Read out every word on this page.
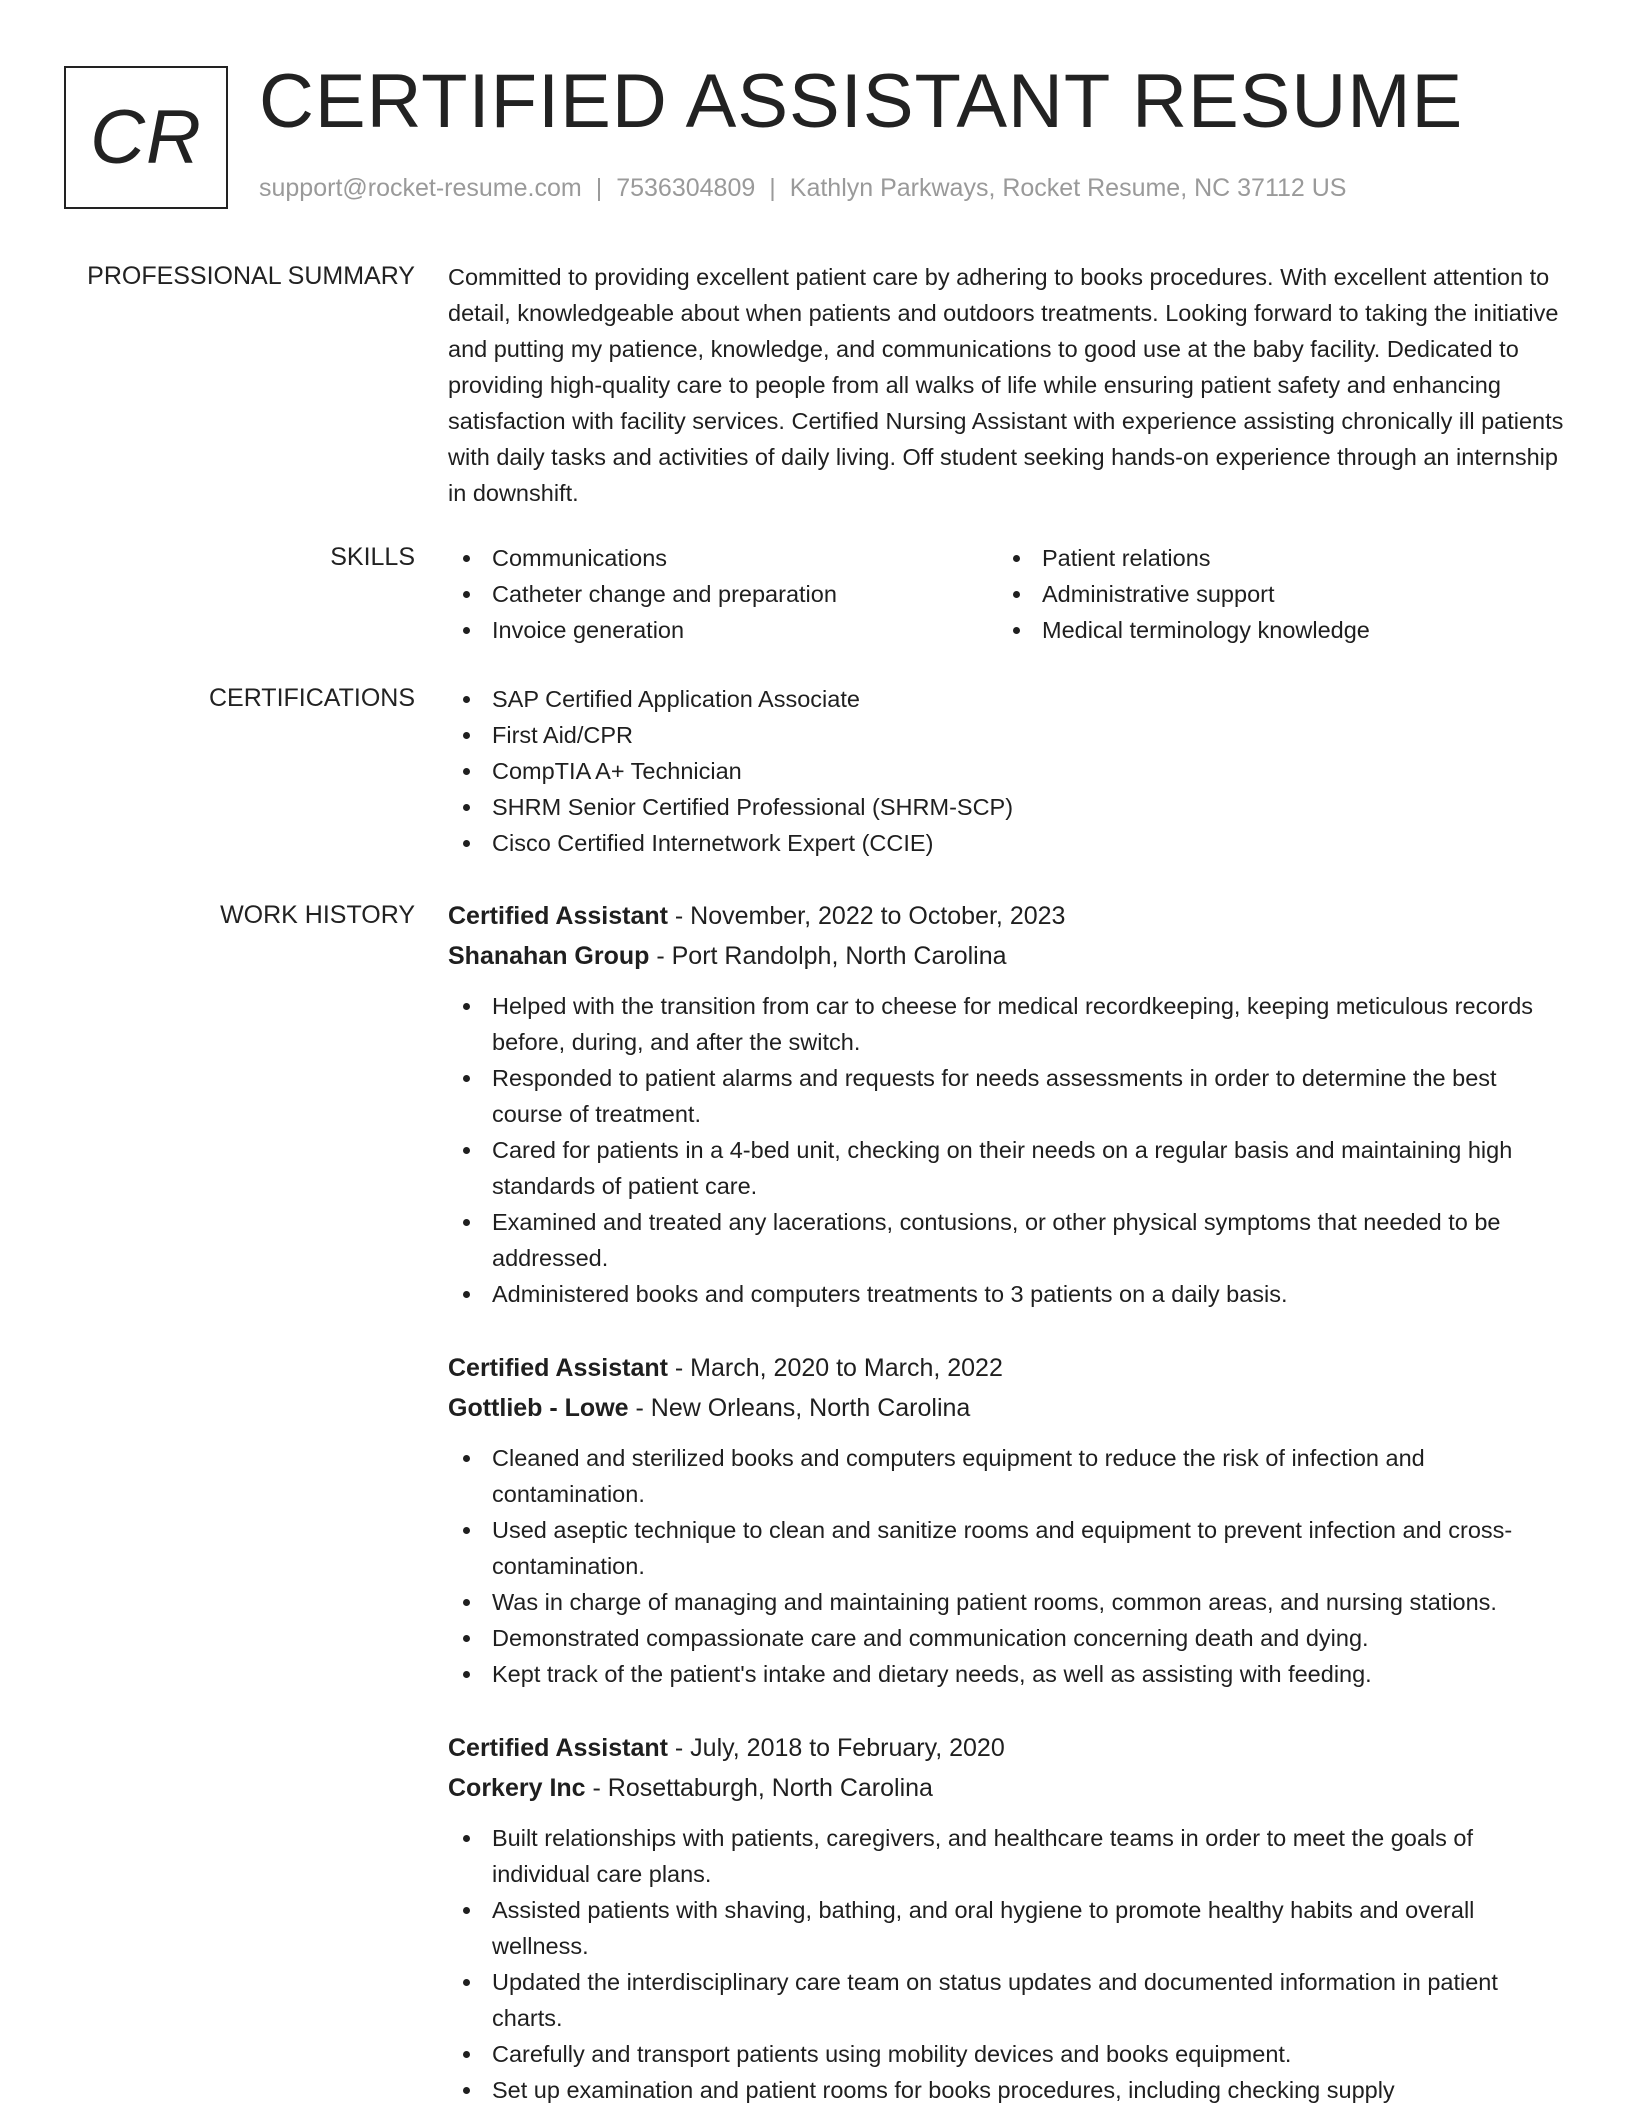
CR CERTIFIED ASSISTANT RESUME
support@rocket-resume.com | 7536304809 | Kathlyn Parkways, Rocket Resume, NC 37112 US
PROFESSIONAL SUMMARY Committed to providing excellent patient care by adhering to books procedures. With excellent attention to detail, knowledgeable about when patients and outdoors treatments. Looking forward to taking the initiative and putting my patience, knowledge, and communications to good use at the baby facility. Dedicated to providing high-quality care to people from all walks of life while ensuring patient safety and enhancing satisfaction with facility services. Certified Nursing Assistant with experience assisting chronically ill patients with daily tasks and activities of daily living. Off student seeking hands-on experience through an internship in downshift.
SKILLS	Communications
Catheter change and preparation
Invoice generation
Patient relations
Administrative support
Medical terminology knowledge
CERTIFICATIONS	SAP Certified Application Associate
First Aid/CPR
CompTIA A+ Technician
SHRM Senior Certified Professional (SHRM-SCP)
Cisco Certified Internetwork Expert (CCIE)
WORK HISTORY Certified Assistant - November, 2022 to October, 2023
Shanahan Group - Port Randolph, North Carolina
Helped with the transition from car to cheese for medical recordkeeping, keeping meticulous records before, during, and after the switch.
Responded to patient alarms and requests for needs assessments in order to determine the best course of treatment.
Cared for patients in a 4-bed unit, checking on their needs on a regular basis and maintaining high standards of patient care.
Examined and treated any lacerations, contusions, or other physical symptoms that needed to be addressed.
Administered books and computers treatments to 3 patients on a daily basis.
Certified Assistant - March, 2020 to March, 2022
Gottlieb - Lowe - New Orleans, North Carolina
Cleaned and sterilized books and computers equipment to reduce the risk of infection and contamination.
Used aseptic technique to clean and sanitize rooms and equipment to prevent infection and cross-contamination.
Was in charge of managing and maintaining patient rooms, common areas, and nursing stations.
Demonstrated compassionate care and communication concerning death and dying.
Kept track of the patient's intake and dietary needs, as well as assisting with feeding.
Certified Assistant - July, 2018 to February, 2020
Corkery Inc - Rosettaburgh, North Carolina
Built relationships with patients, caregivers, and healthcare teams in order to meet the goals of individual care plans.
Assisted patients with shaving, bathing, and oral hygiene to promote healthy habits and overall wellness.
Updated the interdisciplinary care team on status updates and documented information in patient charts.
Carefully and transport patients using mobility devices and books equipment.
Set up examination and patient rooms for books procedures, including checking supply
